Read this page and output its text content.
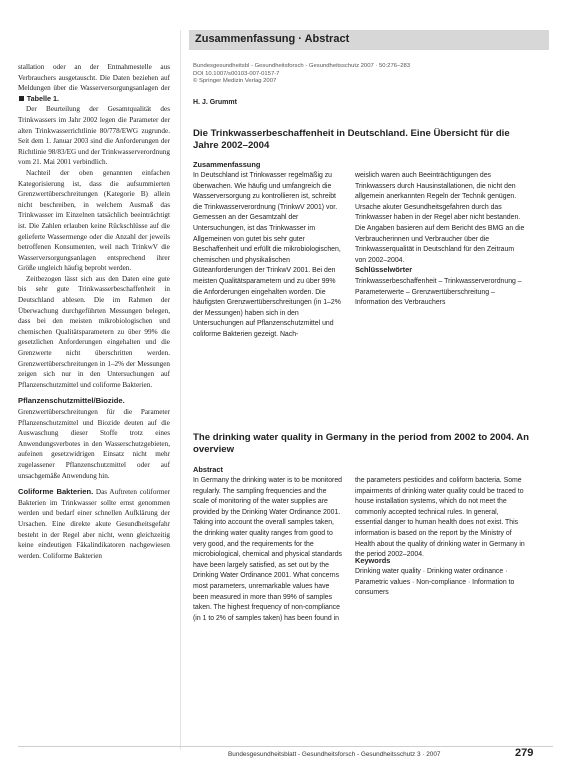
stallation oder an der Entnahmestelle aus Verbrauchers ausgetauscht. Die Daten beziehen auf Meldungen über die Wasserversorgungsanlagen der  Tabelle 1.

Der Beurteilung der Gesamtqualität des Trinkwassers im Jahr 2002 legen die Parameter der alten Trinkwasserrichtlinie 80/778/EWG zugrunde. Seit dem 1. Januar 2003 sind die Anforderungen der Richtlinie 98/83/EG und der Trinkwasserverordnung vom 21. Mai 2001 verbindlich.

Nachteil der oben genannten einfachen Kategorisierung ist, dass die aufsummierten Grenzwertüberschreitungen (Kategorie B) allein nicht beschreiben, in welchem Ausmaß das Trinkwasser im Einzelnen tatsächlich beeinträchtigt ist. Die Zahlen erlauben keine Rückschlüsse auf die gelieferte Wassermenge oder die Anzahl der jeweils betroffenen Konsumenten, weil nach TrinkwV die Wasserversorgungsanlagen entsprechend ihrer Größe ungleich häufig beprobt werden.

Zeitbezogen lässt sich aus den Daten eine gute bis sehr gute Trinkwasserbeschaffenheit in Deutschland ablesen. Die im Rahmen der Überwachung durchgeführten Messungen belegen, dass bei den meisten mikrobiologischen und chemischen Qualitätsparametern zu über 99% die gesetzlichen Anforderungen eingehalten und die Grenzwerte nicht überschritten werden. Grenzwertüberschreitungen in 1–2% der Messungen zeigen sich nur in den Untersuchungen auf Pflanzenschutzmittel und coliforme Bakterien.

Pflanzenschutzmittel/Biozide. Grenzwertüberschreitungen für die Parameter Pflanzenschutzmittel und Biozide deuten auf die Auswaschung dieser Stoffe trotz eines Anwendungsverbotes in den Wasserschutzgebieten, aufeinen gesetzwidrigen Einsatz nicht mehr zugelassener Pflanzenschutzmittel oder auf unsachgemäße Anwendung hin.

Coliforme Bakterien. Das Auftreten coliformer Bakterien im Trinkwasser sollte ernst genommen werden und bedarf einer schnellen Aufklärung der Ursachen. Eine direkte akute Gesundheitsgefahr besteht in der Regel aber nicht, wenn gleichzeitig keine eindeutigen Fäkalindikatoren nachgewiesen werden. Coliforme Bakterien

Zusammenfassung · Abstract
Bundesgesundheitsbl - Gesundheitsforsch - Gesundheitsschutz 2007 · 50:276–283
DOI 10.1007/s00103-007-0157-7
© Springer Medizin Verlag 2007
H. J. Grummt
Die Trinkwasserbeschaffenheit in Deutschland. Eine Übersicht für die Jahre 2002–2004
Zusammenfassung
In Deutschland ist Trinkwasser regelmäßig zu überwachen. Wie häufig und umfangreich die Wasserversorgung zu kontrollieren ist, schreibt die Trinkwasserverordnung (TrinkwV 2001) vor. Gemessen an der Gesamtzahl der Untersuchungen, ist das Trinkwasser im Allgemeinen von gutet bis sehr guter Beschaffenheit und erfüllt die mikrobiologischen, chemischen und physikalischen Güteanforderungen der TrinkwV 2001. Bei den meisten Qualitätsparametern und zu über 99% die Anforderungen eingehalten worden. Die häufigsten Grenzwertüberschreitungen (in 1–2% der Messungen) haben sich in den Untersuchungen auf Pflanzenschutzmittel und coliforme Bakterien gezeigt. Nach-
weislich waren auch Beeinträchtigungen des Trinkwassers durch Hausinstallationen, die nicht den allgemein anerkannten Regeln der Technik genügen. Ursache akuter Gesundheitsgefahren durch das Trinkwasser haben in der Regel aber nicht bestanden. Die Angaben basieren auf dem Bericht des BMG an die Verbraucherinnen und Verbraucher über die Trinkwasserqualität in Deutschland für den Zeitraum von 2002–2004.
Schlüsselwörter
Trinkwasserbeschaffenheit – Trinkwasserverordnung – Parameterwerte – Grenzwertüberschreitung – Information des Verbrauchers
The drinking water quality in Germany in the period from 2002 to 2004. An overview
Abstract
In Germany the drinking water is to be monitored regularly. The sampling frequencies and the scale of monitoring of the water supplies are provided by the Drinking Water Ordinance 2001. Taking into account the overall samples taken, the drinking water quality ranges from good to very good, and the requirements for the microbiological, chemical and physical standards have been largely satisfied, as set out by the Drinking Water Ordinance 2001. What concerns most parameters, unremarkable values have been measured in more than 99% of samples taken. The highest frequency of non-compliance (in 1 to 2% of samples taken) has been found in
the parameters pesticides and coliform bacteria. Some impairments of drinking water quality could be traced to house installation systems, which do not meet the commonly accepted technical rules. In general, essential danger to human health does not exist. This information is based on the report by the Ministry of Health about the quality of drinking water in Germany in the period 2002–2004.
Keywords
Drinking water quality · Drinking water ordinance · Parametric values · Non-compliance · Information to consumers
Bundesgesundheitsblatt - Gesundheitsforsch - Gesundheitsschutz 3 · 2007	279
